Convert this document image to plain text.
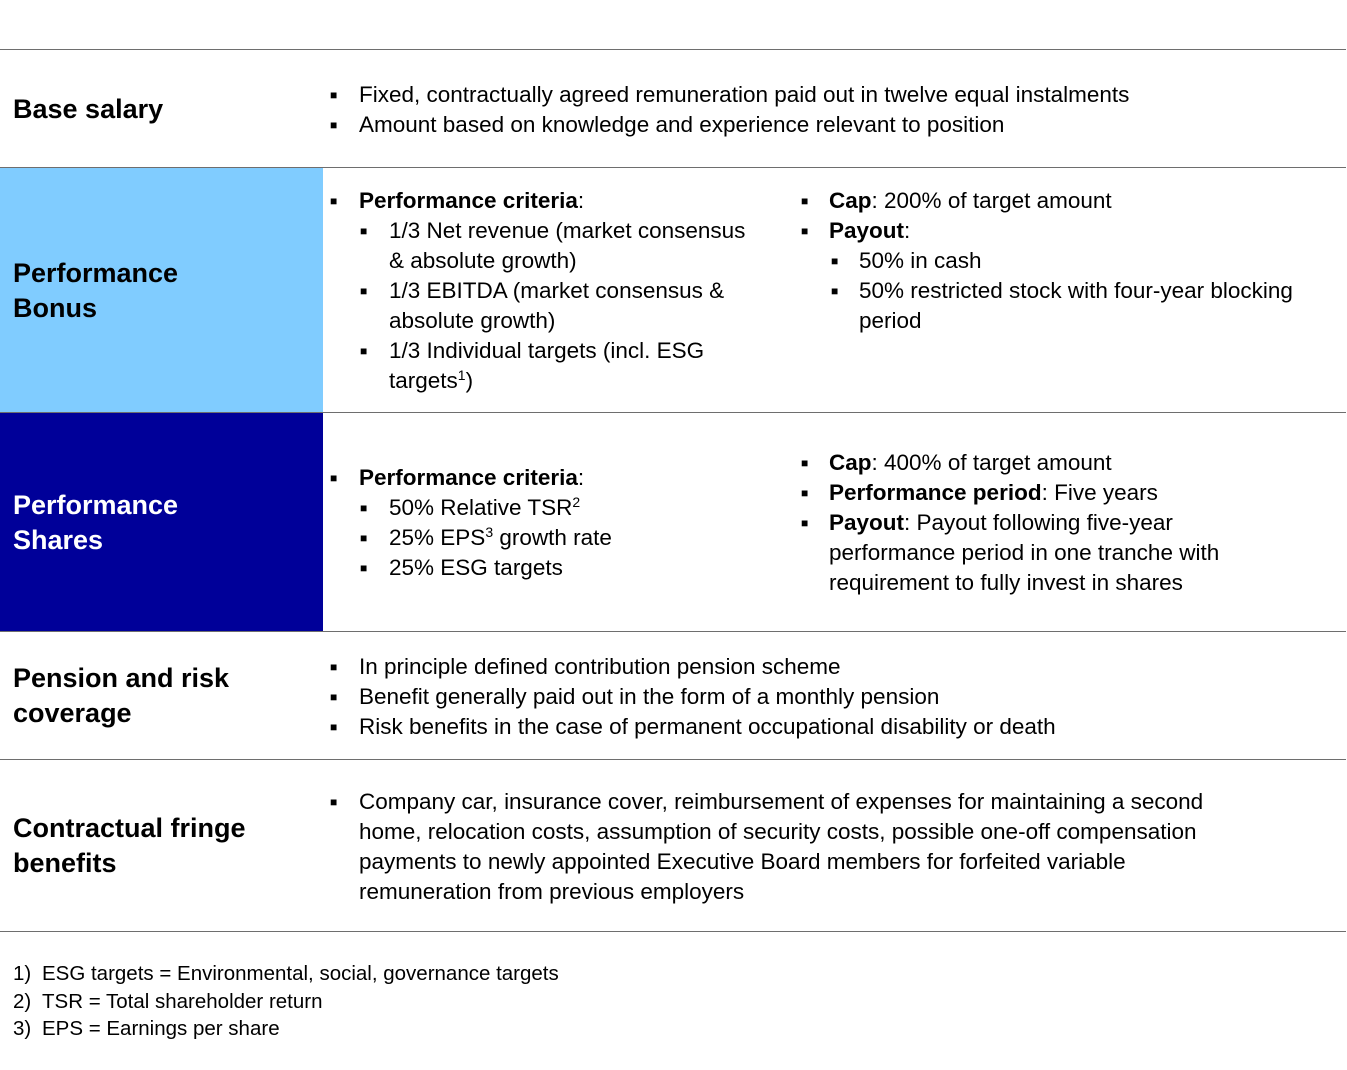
Base salary	■ Fixed, contractually agreed remuneration paid out in twelve equal instalments
■ Amount based on knowledge and experience relevant to position
Performance
Bonus
■ Performance criteria:
■ 1/3 Net revenue (market consensus
& absolute growth)
■ 1/3 EBITDA (market consensus &
absolute growth)
■ 1/3 Individual targets (incl. ESG
targets$^1$)
■ Cap: 200% of target amount
■ Payout:
■ 50% in cash
■ 50% restricted stock with four-year blocking
period
Performance
Shares
■ Performance criteria:
■ 50% Relative TSR$^2$
■ 25% EPS$^3$ growth rate
■ 25% ESG targets
■ Cap: 400% of target amount
■ Performance period: Five years
■ Payout: Payout following five-year
performance period in one tranche with
requirement to fully invest in shares
Pension and risk
coverage
■ In principle defined contribution pension scheme
■ Benefit generally paid out in the form of a monthly pension
■ Risk benefits in the case of permanent occupational disability or death
Contractual fringe
benefits
■ Company car, insurance cover, reimbursement of expenses for maintaining a second
home, relocation costs, assumption of security costs, possible one-off compensation
payments to newly appointed Executive Board members for forfeited variable
remuneration from previous employers
1) ESG targets = Environmental, social, governance targets
2) TSR = Total shareholder return
3) EPS = Earnings per share
